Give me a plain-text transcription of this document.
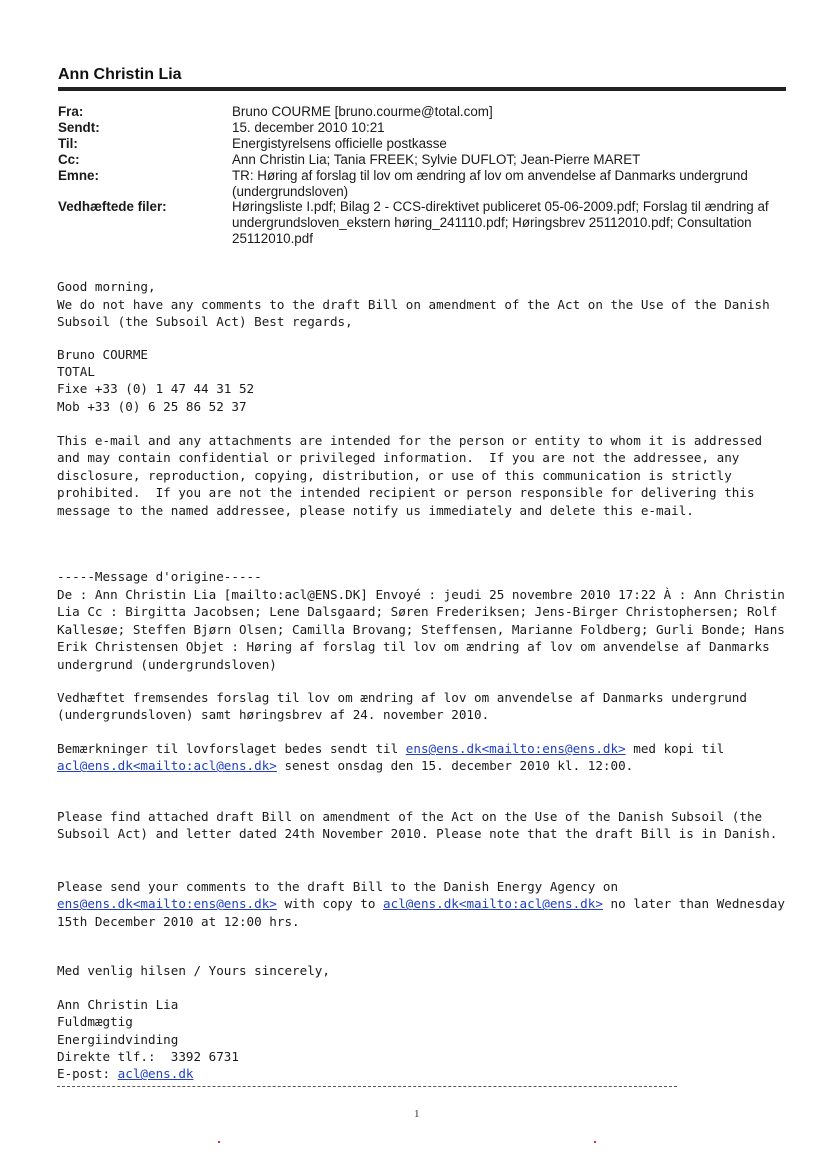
Ann Christin Lia
Fra:	Bruno COURME [bruno.courme@total.com]
Sendt:	15. december 2010 10:21
Til:	Energistyrelsens officielle postkasse
Cc:	Ann Christin Lia; Tania FREEK; Sylvie DUFLOT; Jean-Pierre MARET
Emne:	TR: Høring af forslag til lov om ændring af lov om anvendelse af Danmarks undergrund (undergrundsloven)
Vedhæftede filer:	Høringsliste I.pdf; Bilag 2 - CCS-direktivet publiceret 05-06-2009.pdf; Forslag til ændring af undergrundsloven_ekstern høring_241110.pdf; Høringsbrev 25112010.pdf; Consultation 25112010.pdf
Good morning,
We do not have any comments to the draft Bill on amendment of the Act on the Use of the Danish Subsoil (the Subsoil Act) Best regards,
Bruno COURME
TOTAL
Fixe +33 (0) 1 47 44 31 52
Mob +33 (0) 6 25 86 52 37
This e-mail and any attachments are intended for the person or entity to whom it is addressed and may contain confidential or privileged information.  If you are not the addressee, any disclosure, reproduction, copying, distribution, or use of this communication is strictly prohibited.  If you are not the intended recipient or person responsible for delivering this message to the named addressee, please notify us immediately and delete this e-mail.
-----Message d'origine-----
De : Ann Christin Lia [mailto:acl@ENS.DK] Envoyé : jeudi 25 novembre 2010 17:22 À : Ann Christin Lia Cc : Birgitta Jacobsen; Lene Dalsgaard; Søren Frederiksen; Jens-Birger Christophersen; Rolf Kallesøe; Steffen Bjørn Olsen; Camilla Brovang; Steffensen, Marianne Foldberg; Gurli Bonde; Hans Erik Christensen Objet : Høring af forslag til lov om ændring af lov om anvendelse af Danmarks undergrund (undergrundsloven)
Vedhæftet fremsendes forslag til lov om ændring af lov om anvendelse af Danmarks undergrund (undergrundsloven) samt høringsbrev af 24. november 2010.
Bemærkninger til lovforslaget bedes sendt til ens@ens.dk<mailto:ens@ens.dk> med kopi til acl@ens.dk<mailto:acl@ens.dk> senest onsdag den 15. december 2010 kl. 12:00.
Please find attached draft Bill on amendment of the Act on the Use of the Danish Subsoil (the Subsoil Act) and letter dated 24th November 2010. Please note that the draft Bill is in Danish.
Please send your comments to the draft Bill to the Danish Energy Agency on ens@ens.dk<mailto:ens@ens.dk> with copy to acl@ens.dk<mailto:acl@ens.dk> no later than Wednesday 15th December 2010 at 12:00 hrs.
Med venlig hilsen / Yours sincerely,
Ann Christin Lia
Fuldmægtig
Energiindvinding
Direkte tlf.:  3392 6731
E-post: acl@ens.dk
1
